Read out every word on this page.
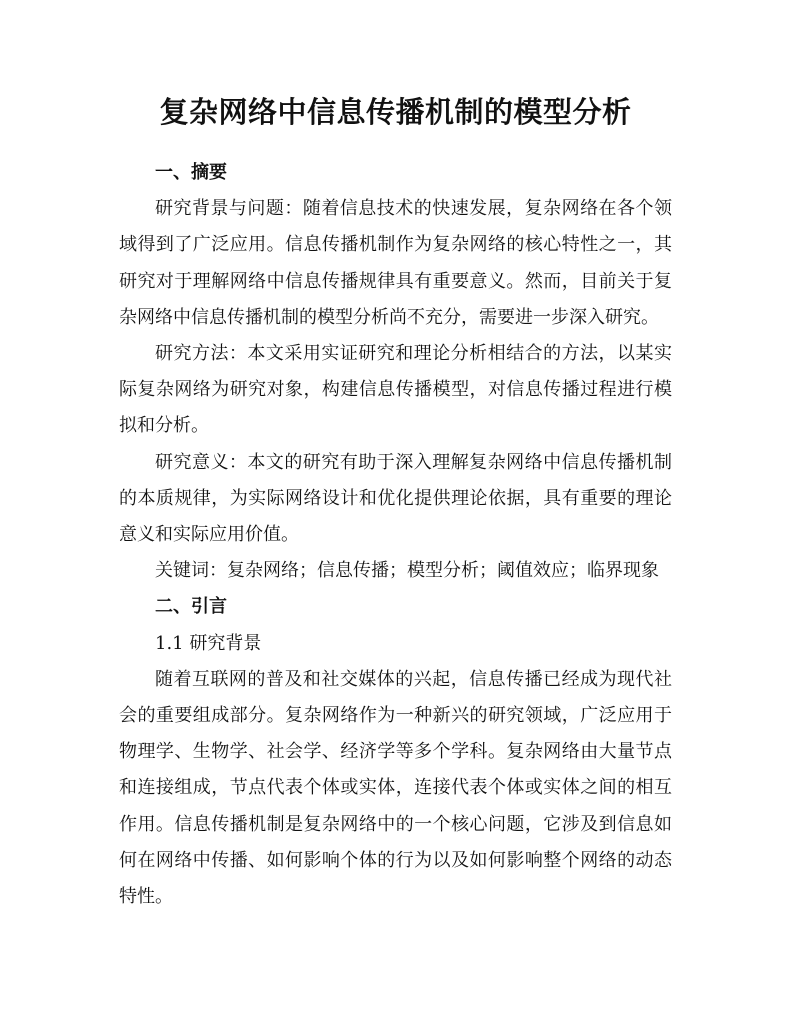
复杂网络中信息传播机制的模型分析
一、摘要

研究背景与问题：随着信息技术的快速发展，复杂网络在各个领域得到了广泛应用。信息传播机制作为复杂网络的核心特性之一，其研究对于理解网络中信息传播规律具有重要意义。然而，目前关于复杂网络中信息传播机制的模型分析尚不充分，需要进一步深入研究。

研究方法：本文采用实证研究和理论分析相结合的方法，以某实际复杂网络为研究对象，构建信息传播模型，对信息传播过程进行模拟和分析。

研究意义：本文的研究有助于深入理解复杂网络中信息传播机制的本质规律，为实际网络设计和优化提供理论依据，具有重要的理论意义和实际应用价值。

关键词：复杂网络；信息传播；模型分析；阈值效应；临界现象

二、引言
1.1 研究背景

随着互联网的普及和社交媒体的兴起，信息传播已经成为现代社会的重要组成部分。复杂网络作为一种新兴的研究领域，广泛应用于物理学、生物学、社会学、经济学等多个学科。复杂网络由大量节点和连接组成，节点代表个体或实体，连接代表个体或实体之间的相互作用。信息传播机制是复杂网络中的一个核心问题，它涉及到信息如何在网络中传播、如何影响个体的行为以及如何影响整个网络的动态特性。
